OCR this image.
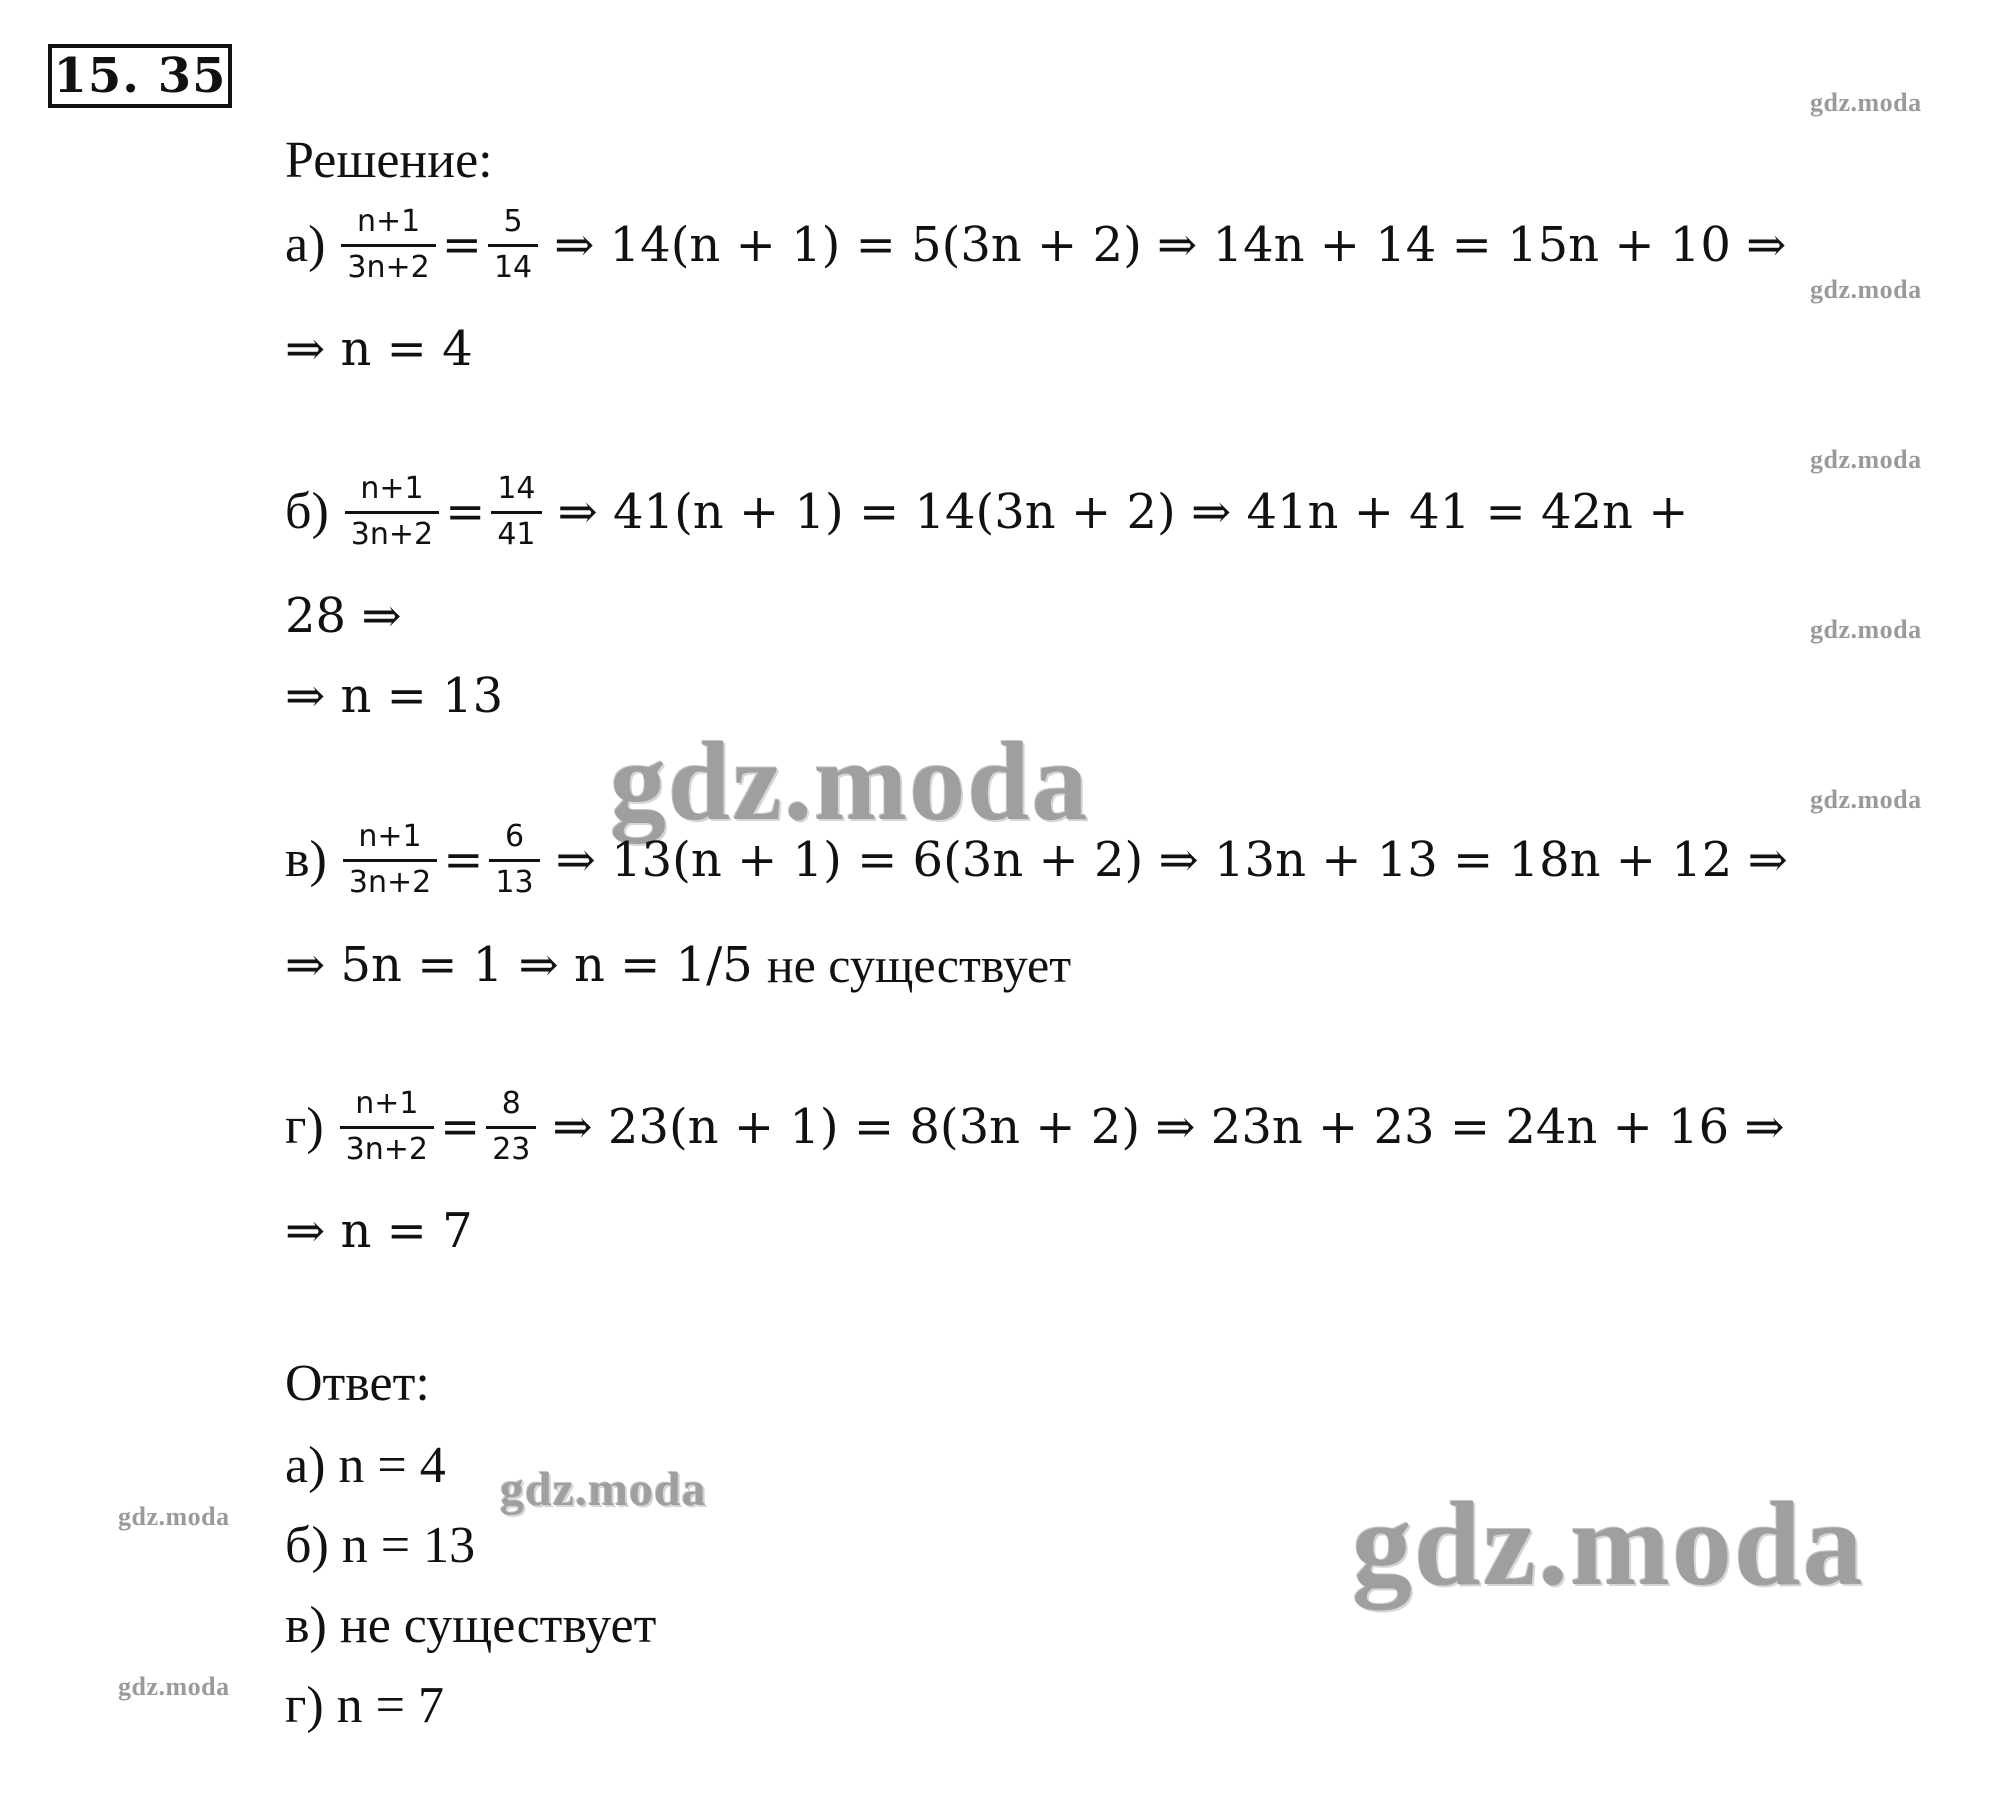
15. 35
Решение:
$а) \frac{n+1}{3n+2} = \frac{5}{14}$ ⇒ 14(n + 1) = 5(3n + 2) ⇒ 14n + 14 = 15n + 10 ⇒
⇒ n = 4
$б) \frac{n+1}{3n+2} = \frac{14}{41}$ ⇒ 41(n + 1) = 14(3n + 2) ⇒ 41n + 41 = 42n +
28 ⇒
⇒ n = 13
gdz.moda
$в) \frac{n+1}{3n+2} = \frac{6}{13}$ ⇒ 13(n + 1) = 6(3n + 2) ⇒ 13n + 13 = 18n + 12 ⇒
⇒ 5n = 1 ⇒ n = 1/5 не существует
$г) \frac{n+1}{3n+2} = \frac{8}{23}$ ⇒ 23(n + 1) = 8(3n + 2) ⇒ 23n + 23 = 24n + 16 ⇒
⇒ n = 7
Ответ:
а) n = 4
б) n = 13
в) не существует
г) n = 7
gdz.moda	gdz.moda
gdz.moda
gdz.moda
gdz.moda
gdz.moda
gdz.moda
gdz.moda
gdz.moda
